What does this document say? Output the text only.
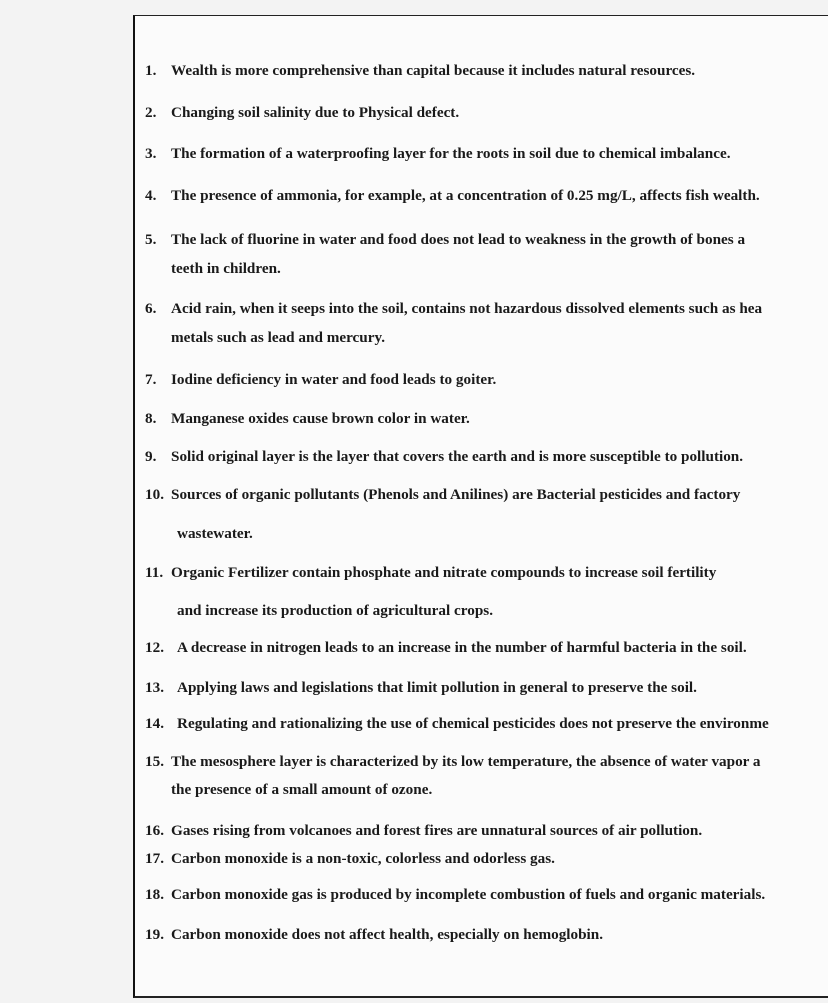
1. Wealth is more comprehensive than capital because it includes natural resources.
2. Changing soil salinity due to Physical defect.
3. The formation of a waterproofing layer for the roots in soil due to chemical imbalance.
4. The presence of ammonia, for example, at a concentration of 0.25 mg/L, affects fish wealth.
5. The lack of fluorine in water and food does not lead to weakness in the growth of bones a
teeth in children.
6. Acid rain, when it seeps into the soil, contains not hazardous dissolved elements such as hea
metals such as lead and mercury.
7. Iodine deficiency in water and food leads to goiter.
8. Manganese oxides cause brown color in water.
9. Solid original layer is the layer that covers the earth and is more susceptible to pollution.
10. Sources of organic pollutants (Phenols and Anilines) are Bacterial pesticides and factory
wastewater.
11. Organic Fertilizer contain phosphate and nitrate compounds to increase soil fertility
and increase its production of agricultural crops.
12. A decrease in nitrogen leads to an increase in the number of harmful bacteria in the soil.
13. Applying laws and legislations that limit pollution in general to preserve the soil.
14. Regulating and rationalizing the use of chemical pesticides does not preserve the environme
15. The mesosphere layer is characterized by its low temperature, the absence of water vapor a
the presence of a small amount of ozone.
16. Gases rising from volcanoes and forest fires are unnatural sources of air pollution.
17. Carbon monoxide is a non-toxic, colorless and odorless gas.
18. Carbon monoxide gas is produced by incomplete combustion of fuels and organic materials.
19. Carbon monoxide does not affect health, especially on hemoglobin.
